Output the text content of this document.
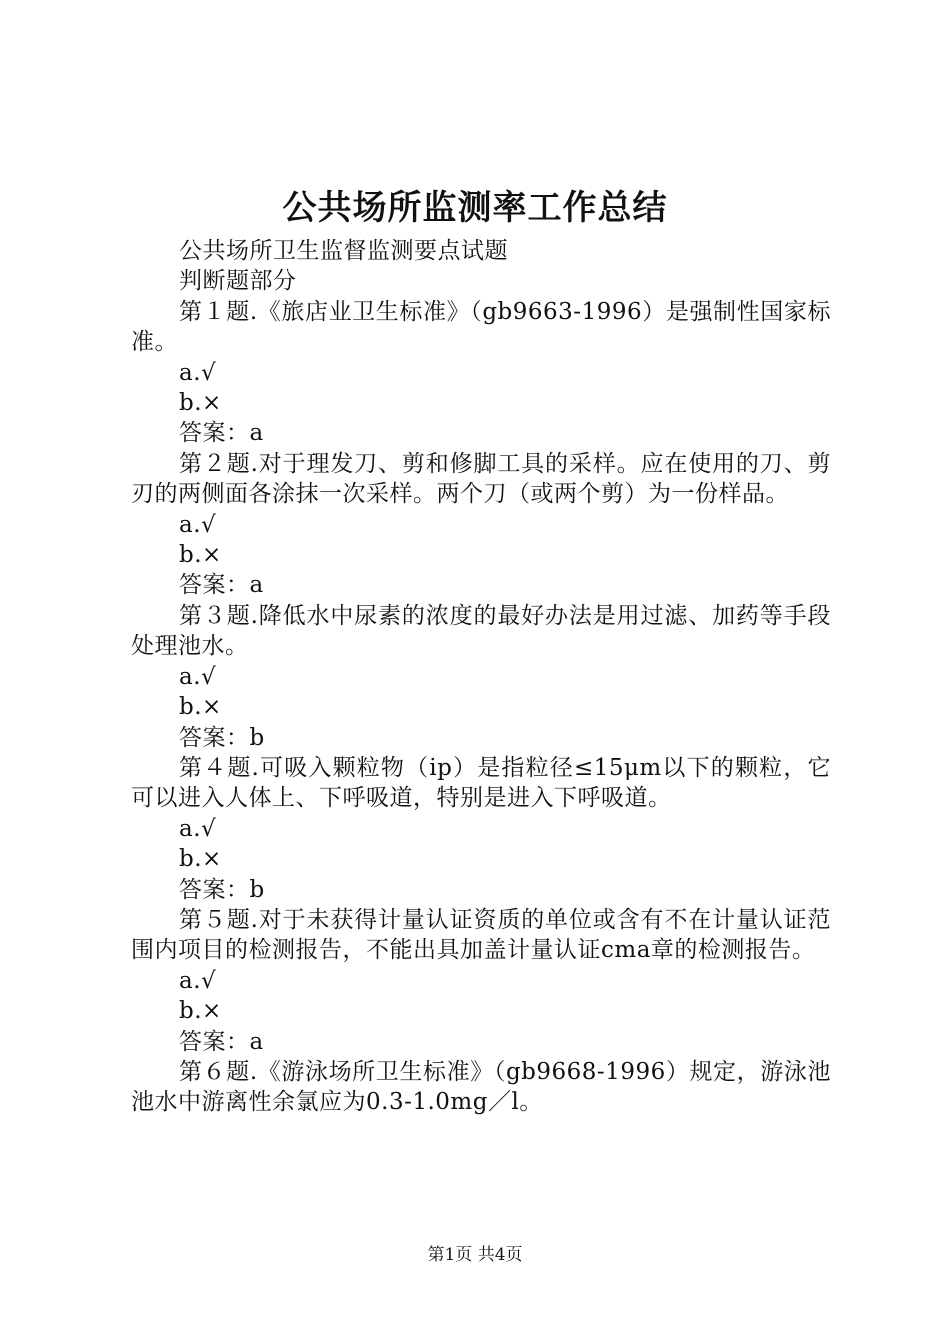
公共场所监测率工作总结

公共场所卫生监督监测要点试题

判断题部分

第１题.《旅店业卫生标准》（gb9663-1996）是强制性国家标准。

a.√

b.×

答案：a

第２题.对于理发刀、剪和修脚工具的采样。应在使用的刀、剪刃的两侧面各涂抹一次采样。两个刀（或两个剪）为一份样品。

a.√

b.×

答案：a

第３题.降低水中尿素的浓度的最好办法是用过滤、加药等手段处理池水。

a.√

b.×

答案：b

第４题.可吸入颗粒物（ip）是指粒径≤15μm以下的颗粒，它可以进入人体上、下呼吸道，特别是进入下呼吸道。

a.√

b.×

答案：b

第５题.对于未获得计量认证资质的单位或含有不在计量认证范围内项目的检测报告，不能出具加盖计量认证cma章的检测报告。

a.√

b.×

答案：a

第６题.《游泳场所卫生标准》（gb9668-1996）规定，游泳池池水中游离性余氯应为0.3-1.0mg／l。

第1页 共4页
